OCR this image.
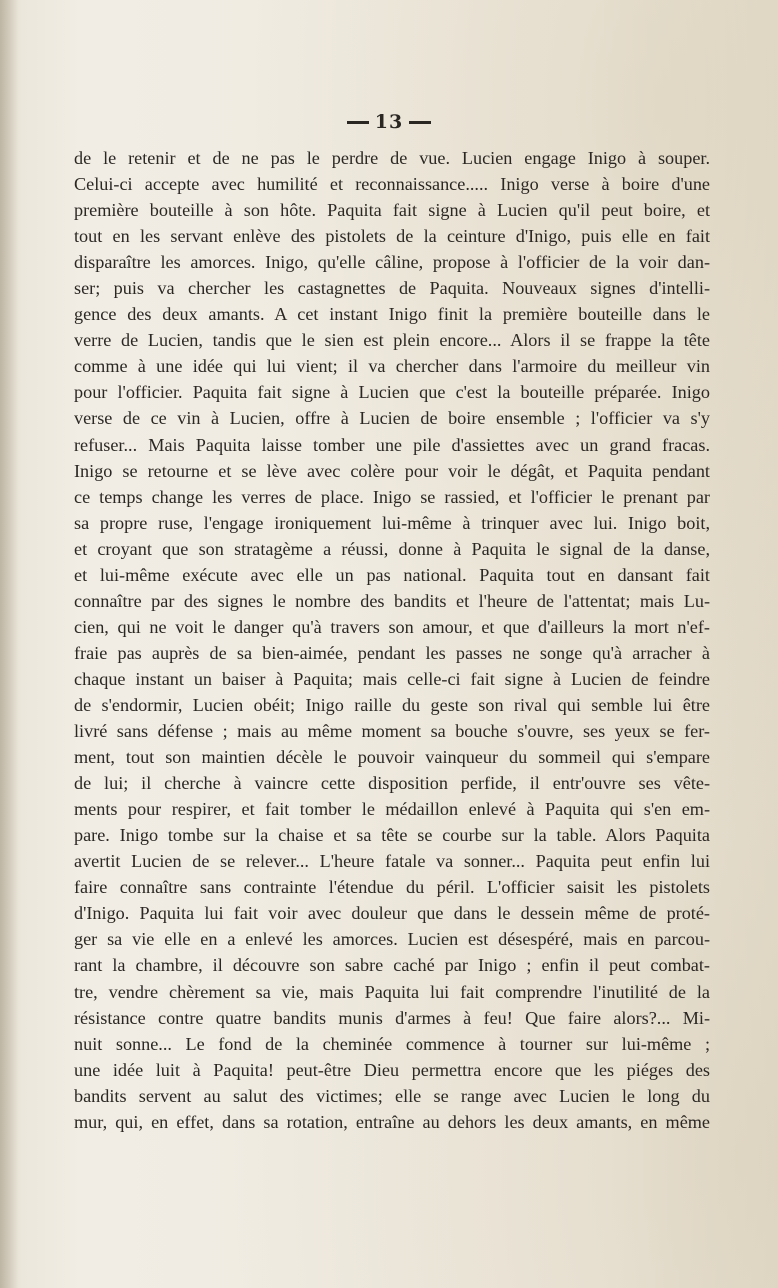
13
de le retenir et de ne pas le perdre de vue. Lucien engage Inigo à souper.
Celui-ci accepte avec humilité et reconnaissance..... Inigo verse à boire d'une
première bouteille à son hôte. Paquita fait signe à Lucien qu'il peut boire, et
tout en les servant enlève des pistolets de la ceinture d'Inigo, puis elle en fait
disparaître les amorces. Inigo, qu'elle câline, propose à l'officier de la voir dan-
ser; puis va chercher les castagnettes de Paquita. Nouveaux signes d'intelli-
gence des deux amants. A cet instant Inigo finit la première bouteille dans le
verre de Lucien, tandis que le sien est plein encore... Alors il se frappe la tête
comme à une idée qui lui vient; il va chercher dans l'armoire du meilleur vin
pour l'officier. Paquita fait signe à Lucien que c'est la bouteille préparée. Inigo
verse de ce vin à Lucien, offre à Lucien de boire ensemble ; l'officier va s'y
refuser... Mais Paquita laisse tomber une pile d'assiettes avec un grand fracas.
Inigo se retourne et se lève avec colère pour voir le dégât, et Paquita pendant
ce temps change les verres de place. Inigo se rassied, et l'officier le prenant par
sa propre ruse, l'engage ironiquement lui-même à trinquer avec lui. Inigo boit,
et croyant que son stratagème a réussi, donne à Paquita le signal de la danse,
et lui-même exécute avec elle un pas national. Paquita tout en dansant fait
connaître par des signes le nombre des bandits et l'heure de l'attentat; mais Lu-
cien, qui ne voit le danger qu'à travers son amour, et que d'ailleurs la mort n'ef-
fraie pas auprès de sa bien-aimée, pendant les passes ne songe qu'à arracher à
chaque instant un baiser à Paquita; mais celle-ci fait signe à Lucien de feindre
de s'endormir, Lucien obéit; Inigo raille du geste son rival qui semble lui être
livré sans défense ; mais au même moment sa bouche s'ouvre, ses yeux se fer-
ment, tout son maintien décèle le pouvoir vainqueur du sommeil qui s'empare
de lui; il cherche à vaincre cette disposition perfide, il entr'ouvre ses vête-
ments pour respirer, et fait tomber le médaillon enlevé à Paquita qui s'en em-
pare. Inigo tombe sur la chaise et sa tête se courbe sur la table. Alors Paquita
avertit Lucien de se relever... L'heure fatale va sonner... Paquita peut enfin lui
faire connaître sans contrainte l'étendue du péril. L'officier saisit les pistolets
d'Inigo. Paquita lui fait voir avec douleur que dans le dessein même de proté-
ger sa vie elle en a enlevé les amorces. Lucien est désespéré, mais en parcou-
rant la chambre, il découvre son sabre caché par Inigo ; enfin il peut combat-
tre, vendre chèrement sa vie, mais Paquita lui fait comprendre l'inutilité de la
résistance contre quatre bandits munis d'armes à feu! Que faire alors?... Mi-
nuit sonne... Le fond de la cheminée commence à tourner sur lui-même ;
une idée luit à Paquita! peut-être Dieu permettra encore que les piéges des
bandits servent au salut des victimes; elle se range avec Lucien le long du
mur, qui, en effet, dans sa rotation, entraîne au dehors les deux amants, en même
